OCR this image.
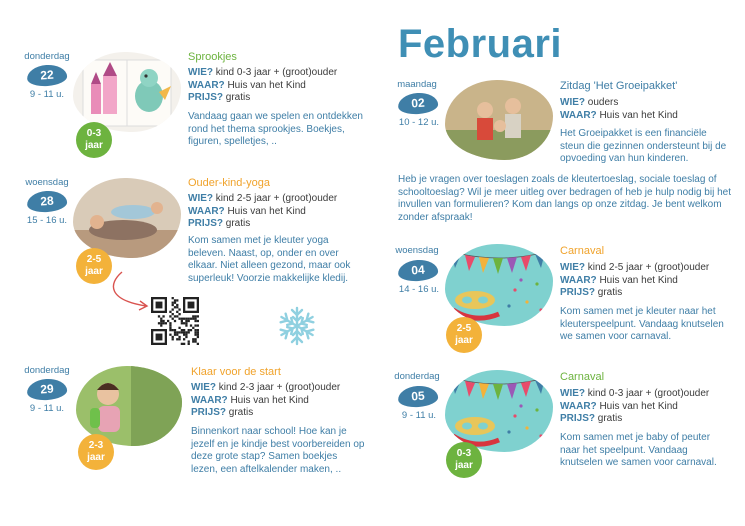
Februari
donderdag
22
9 - 11 u.
0-3
jaar
Sprookjes
WIE? kind 0-3 jaar + (groot)ouder
WAAR? Huis van het Kind
PRIJS? gratis
Vandaag gaan we spelen en ontdekken rond het thema sprookjes. Boekjes, figuren, spelletjes, ..
woensdag
28
15 - 16 u.
2-5
jaar
Ouder-kind-yoga
WIE? kind 2-5 jaar + (groot)ouder
WAAR? Huis van het Kind
PRIJS? gratis
Kom samen met je kleuter yoga beleven. Naast, op, onder en over elkaar. Niet alleen gezond, maar ook superleuk! Voorzie makkelijke kledij.
donderdag
29
9 - 11 u.
2-3
jaar
Klaar voor de start
WIE? kind 2-3 jaar + (groot)ouder
WAAR? Huis van het Kind
PRIJS? gratis
Binnenkort naar school! Hoe kan je jezelf en je kindje best voorbereiden op deze grote stap? Samen boekjes lezen, een aftelkalender maken, ..
maandag
02
10 - 12 u.
Zitdag 'Het Groeipakket'
WIE? ouders
WAAR? Huis van het Kind
Het Groeipakket is een financiële steun die gezinnen ondersteunt bij de opvoeding van hun kinderen.
Heb je vragen over toeslagen zoals de kleutertoeslag, sociale toeslag of schooltoeslag? Wil je meer uitleg over bedragen of heb je hulp nodig bij het invullen van formulieren? Kom dan langs op onze zitdag. Je bent welkom zonder afspraak!
woensdag
04
14 - 16 u.
2-5
jaar
Carnaval
WIE? kind 2-5 jaar + (groot)ouder
WAAR? Huis van het Kind
PRIJS? gratis
Kom samen met je kleuter naar het kleuterspeelpunt. Vandaag knutselen we samen voor carnaval.
donderdag
05
9 - 11 u.
0-3
jaar
Carnaval
WIE? kind 0-3 jaar + (groot)ouder
WAAR? Huis van het Kind
PRIJS? gratis
Kom samen met je baby of peuter naar het speelpunt. Vandaag knutselen we samen voor carnaval.
